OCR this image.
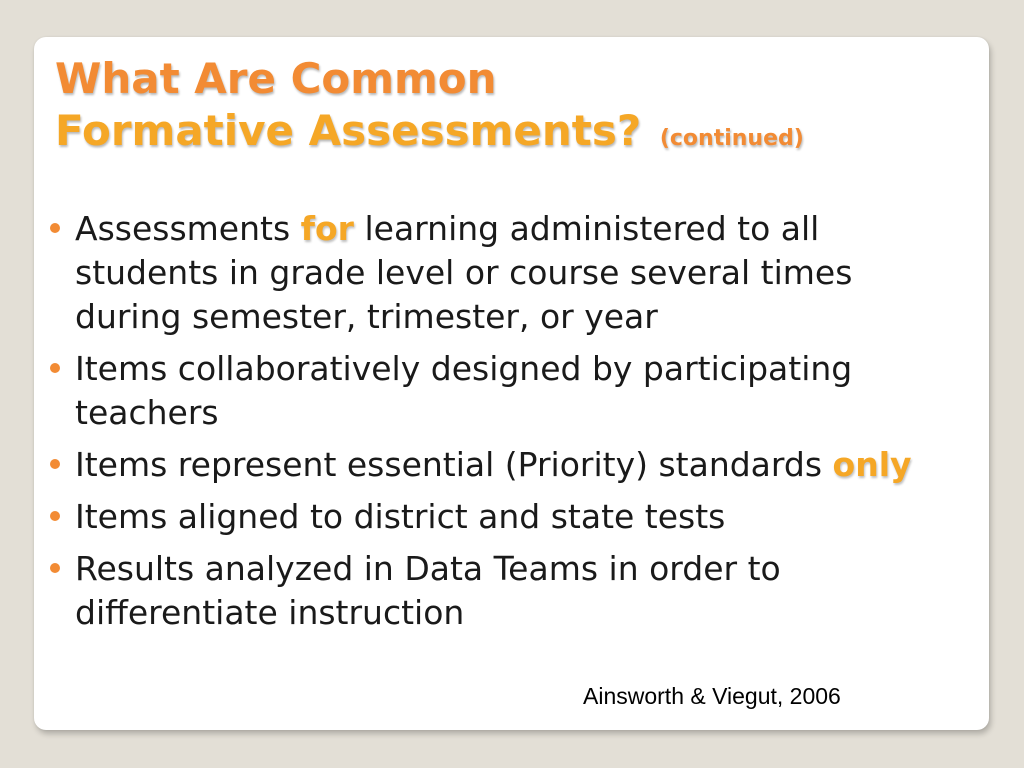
What Are Common
Formative Assessments? (continued)
Assessments for learning administered to all students in grade level or course several times during semester, trimester, or year
Items collaboratively designed by participating teachers
Items represent essential (Priority) standards only
Items aligned to district and state tests
Results analyzed in Data Teams in order to differentiate instruction
Ainsworth & Viegut, 2006
